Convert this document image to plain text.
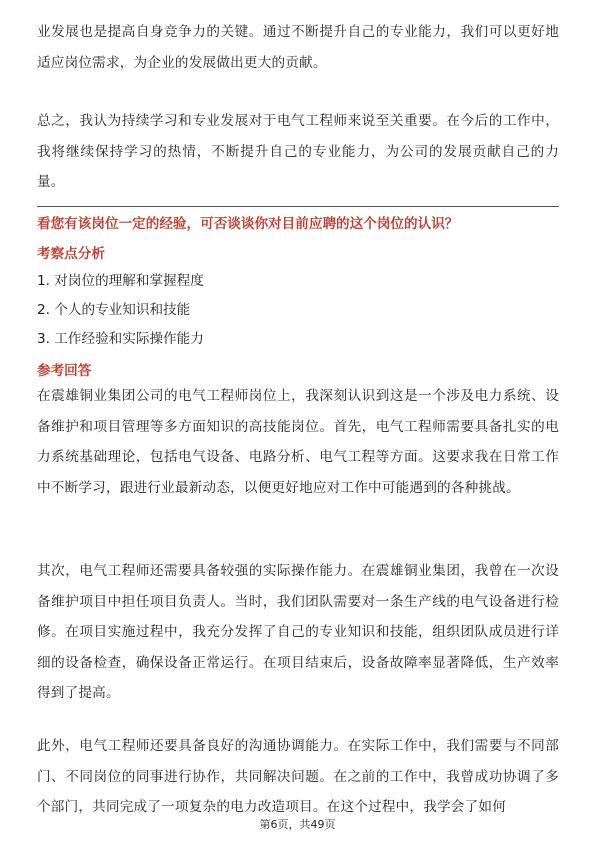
业发展也是提高自身竞争力的关键。通过不断提升自己的专业能力，我们可以更好地适应岗位需求，为企业的发展做出更大的贡献。

总之，我认为持续学习和专业发展对于电气工程师来说至关重要。在今后的工作中，我将继续保持学习的热情，不断提升自己的专业能力，为公司的发展贡献自己的力量。

看您有该岗位一定的经验，可否谈谈你对目前应聘的这个岗位的认识？

考察点分析

1. 对岗位的理解和掌握程度

2. 个人的专业知识和技能

3. 工作经验和实际操作能力

参考回答

在震雄铜业集团公司的电气工程师岗位上，我深刻认识到这是一个涉及电力系统、设备维护和项目管理等多方面知识的高技能岗位。首先，电气工程师需要具备扎实的电力系统基础理论，包括电气设备、电路分析、电气工程等方面。这要求我在日常工作中不断学习，跟进行业最新动态，以便更好地应对工作中可能遇到的各种挑战。

其次，电气工程师还需要具备较强的实际操作能力。在震雄铜业集团，我曾在一次设备维护项目中担任项目负责人。当时，我们团队需要对一条生产线的电气设备进行检修。在项目实施过程中，我充分发挥了自己的专业知识和技能，组织团队成员进行详细的设备检查，确保设备正常运行。在项目结束后，设备故障率显著降低，生产效率得到了提高。

此外，电气工程师还要具备良好的沟通协调能力。在实际工作中，我们需要与不同部门、不同岗位的同事进行协作，共同解决问题。在之前的工作中，我曾成功协调了多个部门，共同完成了一项复杂的电力改造项目。在这个过程中，我学会了如何

第6页，共49页
